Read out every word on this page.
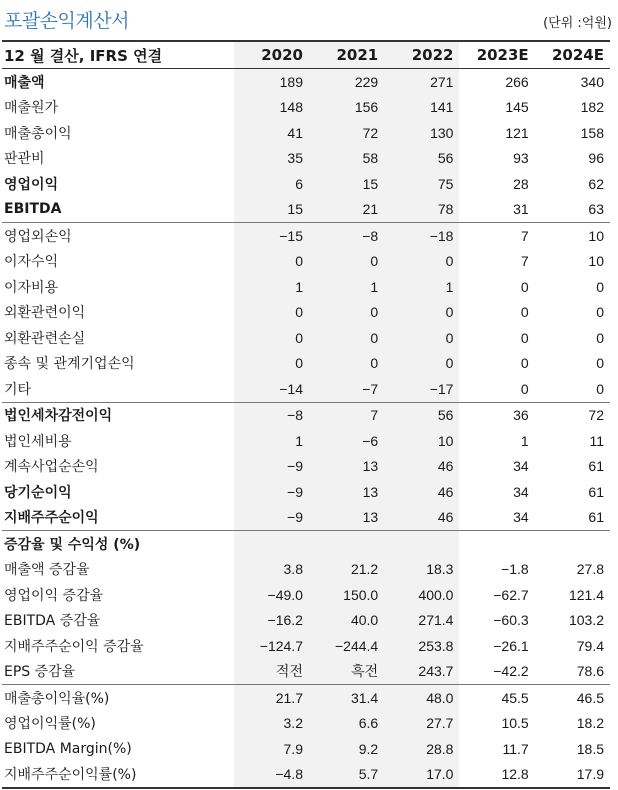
포괄손익계산서	(단위 :억원)
12 월 결산, IFRS 연결	2020	2021	2022	2023E	2024E
매출액	189	229	271	266	340
매출원가	148	156	141	145	182
매출총이익	41	72	130	121	158
판관비	35	58	56	93	96
영업이익	6	15	75	28	62
EBITDA	15	21	78	31	63
영업외손익	−15	−8	−18	7	10
이자수익	0	0	0	7	10
이자비용	1	1	1	0	0
외환관련이익	0	0	0	0	0
외환관련손실	0	0	0	0	0
종속 및 관계기업손익	0	0	0	0	0
기타	−14	−7	−17	0	0
법인세차감전이익	−8	7	56	36	72
법인세비용	1	−6	10	1	11
계속사업순손익	−9	13	46	34	61
당기순이익	−9	13	46	34	61
지배주주순이익	−9	13	46	34	61
증감율 및 수익성 (%)					
매출액 증감율	3.8	21.2	18.3	−1.8	27.8
영업이익 증감율	−49.0	150.0	400.0	−62.7	121.4
EBITDA 증감율	−16.2	40.0	271.4	−60.3	103.2
지배주주순이익 증감율	−124.7	−244.4	253.8	−26.1	79.4
EPS 증감율	적전	흑전	243.7	−42.2	78.6
매출총이익율(%)	21.7	31.4	48.0	45.5	46.5
영업이익률(%)	3.2	6.6	27.7	10.5	18.2
EBITDA Margin(%)	7.9	9.2	28.8	11.7	18.5
지배주주순이익률(%)	−4.8	5.7	17.0	12.8	17.9
